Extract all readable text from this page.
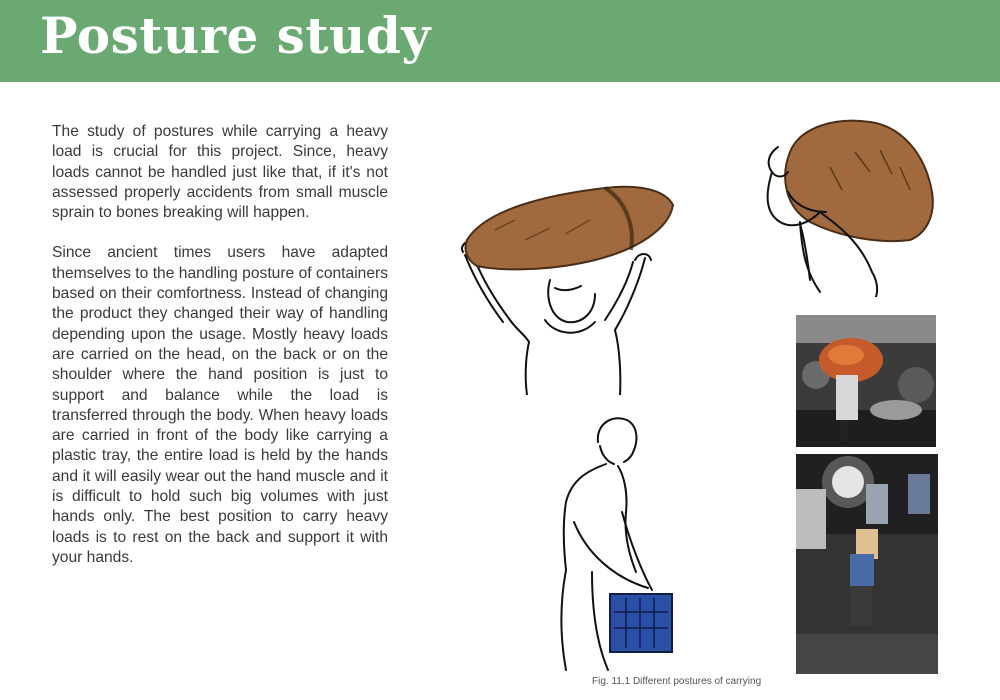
Posture study

The study of postures while carrying a heavy load is crucial for this project. Since, heavy loads cannot be handled just like that, if it's not assessed properly accidents from small muscle sprain to bones breaking will happen.

Since ancient times users have adapted themselves to the handling posture of containers based on their comfortness. Instead of changing the product they changed their way of handling depending upon the usage. Mostly heavy loads are carried on the head, on the back or on the shoulder where the hand position is just to support and balance while the load is transferred through the body. When heavy loads are carried in front of the body like carrying a plastic tray, the entire load is held by the hands and it will easily wear out the hand muscle and it is difficult to hold such big volumes with just hands only. The best position to carry heavy loads is to rest on the back and support it with your hands.

Fig. 11.1 Different postures of carrying
